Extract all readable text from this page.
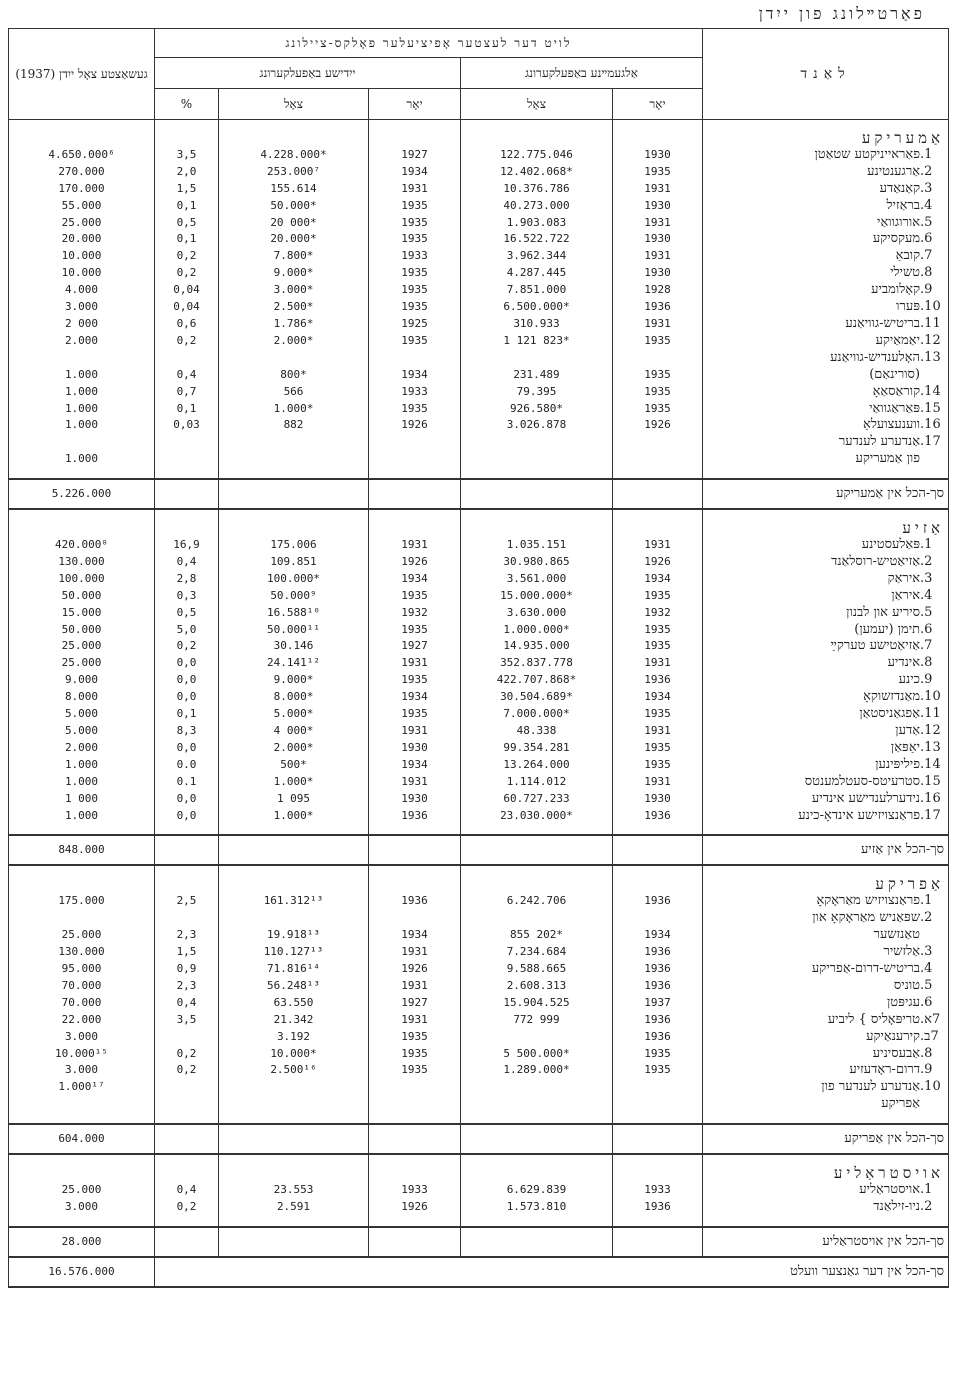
פאַרטײלונג פון ייִדן
געשאַצטע צאָל ייִדן (1937)	לויט דער לעצטער אָפיציעלער פאָלקס-ציילונג					לאַנד
	ייִדישע באַפעלקערונג			אַלגעמײנע באַפעלקערונג		
	%	צאָל	יאָר	צאָל	יאָר	

						אַמעריקע
4.650.000⁶	3,5	4.228.000*	1927	122.775.046	1930	1.פאַראייניקטע שטאַטן
270.000	2,0	253.000⁷	1934	12.402.068*	1935	2.אַרגענטינע
170.000	1,5	155.614	1931	10.376.786	1931	3.קאַנאַדע
55.000	0,1	50.000*	1935	40.273.000	1930	4.בראַזיל
25.000	0,5	20 000*	1935	1.903.083	1931	5.אורוגוואַי
20.000	0,1	20.000*	1935	16.522.722	1930	6.מעקסיקע
10.000	0,2	7.800*	1933	3.962.344	1931	7.קובאַ
10.000	0,2	9.000*	1935	4.287.445	1930	8.טשילי
4.000	0,04	3.000*	1935	7.851.000	1928	9.קאָלומביע
3.000	0,04	2.500*	1935	6.500.000*	1936	10.פּערו
2 000	0,6	1.786*	1925	310.933	1931	11.בריטיש-גוויאַנע
2.000	0,2	2.000*	1935	1 121 823*	1935	12.יאַמאַיקע
						13.האָלענדיש-גוויאַנע
1.000	0,4	800*	1934	231.489	1935	(סורינאַם)
1.000	0,7	566	1933	79.395	1935	14.קוראַסאַאָ
1.000	0,1	1.000*	1935	926.580*	1935	15.פּאַראַגוואַי
1.000	0,03	882	1926	3.026.878	1926	16.ווענעצועלאַ
						17.אַנדערע לענדער
1.000						פון אַמעריקע

5.226.000						סך-הכל אין אַמעריקע

						אַזיע
420.000⁸	16,9	175.006	1931	1.035.151	1931	1.פּאַלעסטינע
130.000	0,4	109.851	1926	30.980.865	1926	2.אַזיאַטיש-רוסלאַנד
100.000	2,8	100.000*	1934	3.561.000	1934	3.איראַק
50.000	0,3	50.000⁹	1935	15.000.000*	1935	4.איראַן
15.000	0,5	16.588¹⁰	1932	3.630.000	1932	5.סיריע און לבנון
50.000	5,0	50.000¹¹	1935	1.000.000*	1935	6.תימן (יעמען)
25.000	0,2	30.146	1927	14.935.000	1935	7.אַזיאַטישע טערקײַ
25.000	0,0	24.141¹²	1931	352.837.778	1931	8.אינדיע
9.000	0,0	9.000*	1935	422.707.868*	1936	9.כינע
8.000	0,0	8.000*	1934	30.504.689*	1934	10.מאַנדזשוקאָ
5.000	0,1	5.000*	1935	7.000.000*	1935	11.אַפגאַניסטאַן
5.000	8,3	4 000*	1931	48.338	1931	12.אַדען
2.000	0,0	2.000*	1930	99.354.281	1935	13.יאַפּאַן
1.000	0.0	500*	1934	13.264.000	1935	14.פיליפּינען
1.000	0.1	1.000*	1931	1.114.012	1931	15.סטרעיטס-סעטלמענטס
1 000	0,0	1 095	1930	60.727.233	1930	16.נידערלענדישע אינדיע
1.000	0,0	1.000*	1936	23.030.000*	1936	17.פראַנצויזישע אינדאָ-כינע

848.000						סך-הכל אין אַזיע

						אַפריקע
175.000	2,5	161.312¹³	1936	6.242.706	1936	1.פראַנצויזיש מאַראָקאָ
						2.שפּאַניש מאַראָקאָ און
25.000	2,3	19.918¹³	1934	855 202*	1934	טאַנזשער
130.000	1,5	110.127¹³	1931	7.234.684	1936	3.אַלזשיר
95.000	0,9	71.816¹⁴	1926	9.588.665	1936	4.בריטיש-דרום-אַפריקע
70.000	2,3	56.248¹³	1931	2.608.313	1936	5.טוניס
70.000	0,4	63.550	1927	15.904.525	1937	6.עגיפּטן
22.000	3,5	21.342	1931	772 999	1936	7א.טריפּאָליס } ליביע
3.000		3.192	1935		1936	7ב.קירענאַיקע
10.000¹⁵	0,2	10.000*	1935	5 500.000*	1935	8.אַבעסיניע
3.000	0,2	2.500¹⁶	1935	1.289.000*	1935	9.דרום-ראָדעזיע
1.000¹⁷						10.אַנדערע לענדער פון
						אַפריקע

604.000						סך-הכל אין אַפריקע

						אויסטראַליע
25.000	0,4	23.553	1933	6.629.839	1933	1.אויסטראַליע
3.000	0,2	2.591	1926	1.573.810	1936	2.ניו-זילאַנד

28.000						סך-הכל אין אויסטראַליע
16.576.000	סך-הכל אין דער גאַנצער וועלט					
